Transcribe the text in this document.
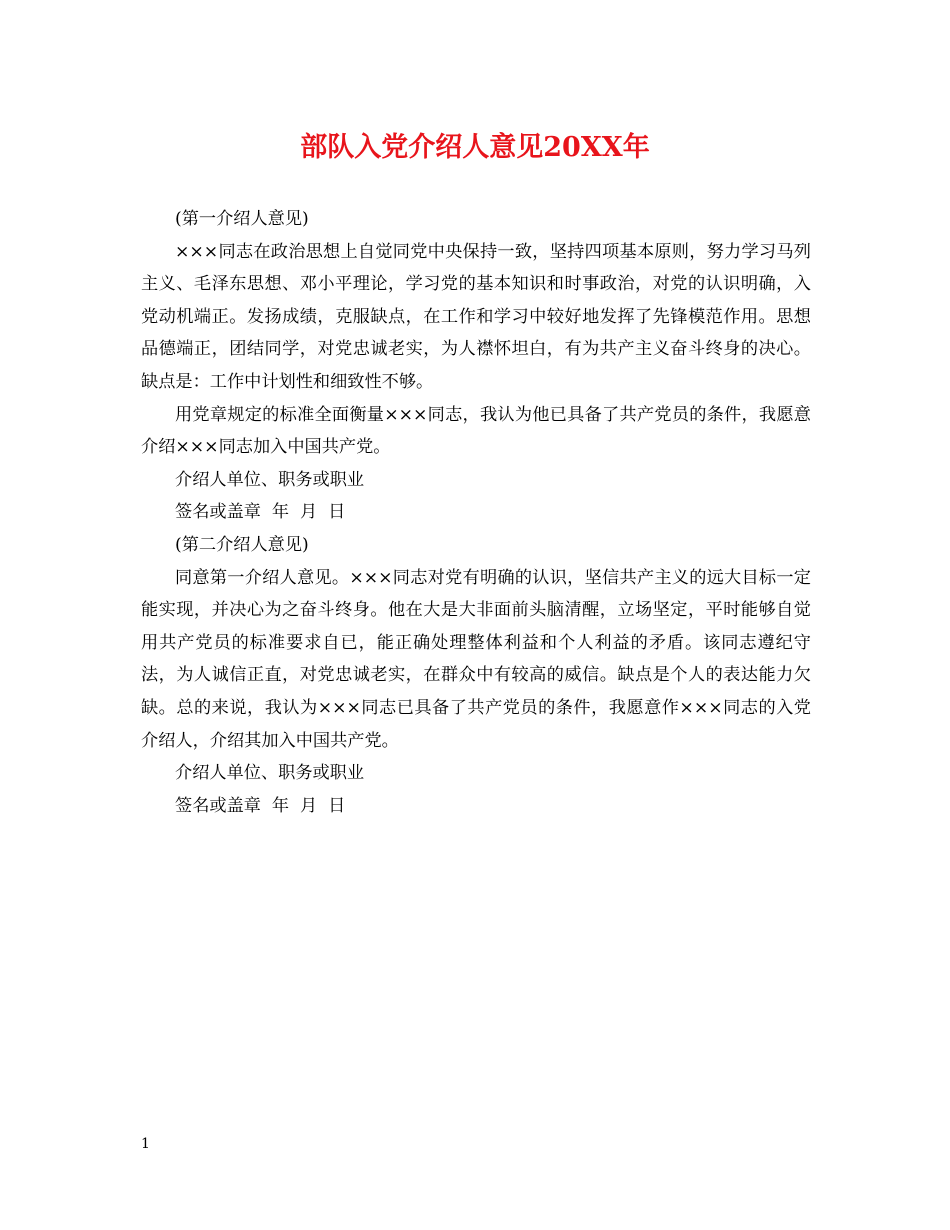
部队入党介绍人意见20XX年

(第一介绍人意见)

×××同志在政治思想上自觉同党中央保持一致，坚持四项基本原则，努力学习马列主义、毛泽东思想、邓小平理论，学习党的基本知识和时事政治，对党的认识明确，入党动机端正。发扬成绩，克服缺点，在工作和学习中较好地发挥了先锋模范作用。思想品德端正，团结同学，对党忠诚老实，为人襟怀坦白，有为共产主义奋斗终身的决心。缺点是：工作中计划性和细致性不够。

用党章规定的标准全面衡量×××同志，我认为他已具备了共产党员的条件，我愿意介绍×××同志加入中国共产党。

介绍人单位、职务或职业

签名或盖章  年  月  日

(第二介绍人意见)

同意第一介绍人意见。×××同志对党有明确的认识，坚信共产主义的远大目标一定能实现，并决心为之奋斗终身。他在大是大非面前头脑清醒，立场坚定，平时能够自觉用共产党员的标准要求自已，能正确处理整体利益和个人利益的矛盾。该同志遵纪守法，为人诚信正直，对党忠诚老实，在群众中有较高的威信。缺点是个人的表达能力欠缺。总的来说，我认为×××同志已具备了共产党员的条件，我愿意作×××同志的入党介绍人，介绍其加入中国共产党。

介绍人单位、职务或职业

签名或盖章  年  月  日

1
